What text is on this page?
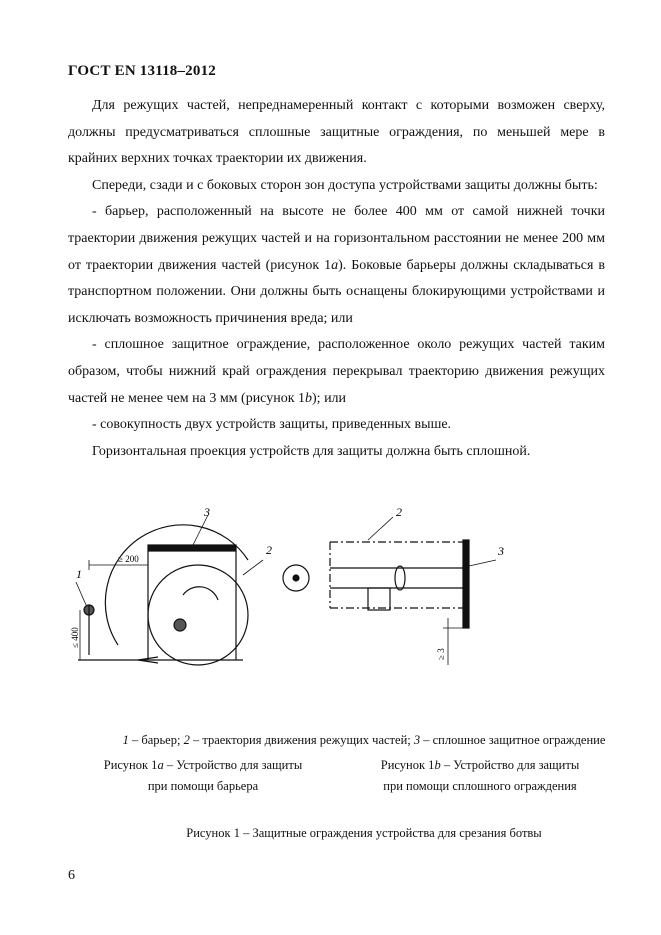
ГОСТ EN 13118–2012

Для режущих частей, непреднамеренный контакт с которыми возможен сверху, должны предусматриваться сплошные защитные ограждения, по меньшей мере в крайних верхних точках траектории их движения.

Спереди, сзади и с боковых сторон зон доступа устройствами защиты должны быть:

- барьер, расположенный на высоте не более 400 мм от самой нижней точки траектории движения режущих частей и на горизонтальном расстоянии не менее 200 мм от траектории движения частей (рисунок 1a). Боковые барьеры должны складываться в транспортном положении. Они должны быть оснащены блокирующими устройствами и исключать возможность причинения вреда; или

- сплошное защитное ограждение, расположенное около режущих частей таким образом, чтобы нижний край ограждения перекрывал траекторию движения режущих частей не менее чем на 3 мм (рисунок 1b); или

- совокупность двух устройств защиты, приведенных выше.

Горизонтальная проекция устройств для защиты должна быть сплошной.

3
2
1
≥ 200
≤ 400
2
3
≥ 3
1 – барьер; 2 – траектория движения режущих частей; 3 – сплошное защитное ограждение
Рисунок 1a – Устройство для защиты
при помощи барьера
Рисунок 1b – Устройство для защиты
при помощи сплошного ограждения
Рисунок 1 – Защитные ограждения устройства для срезания ботвы
6
